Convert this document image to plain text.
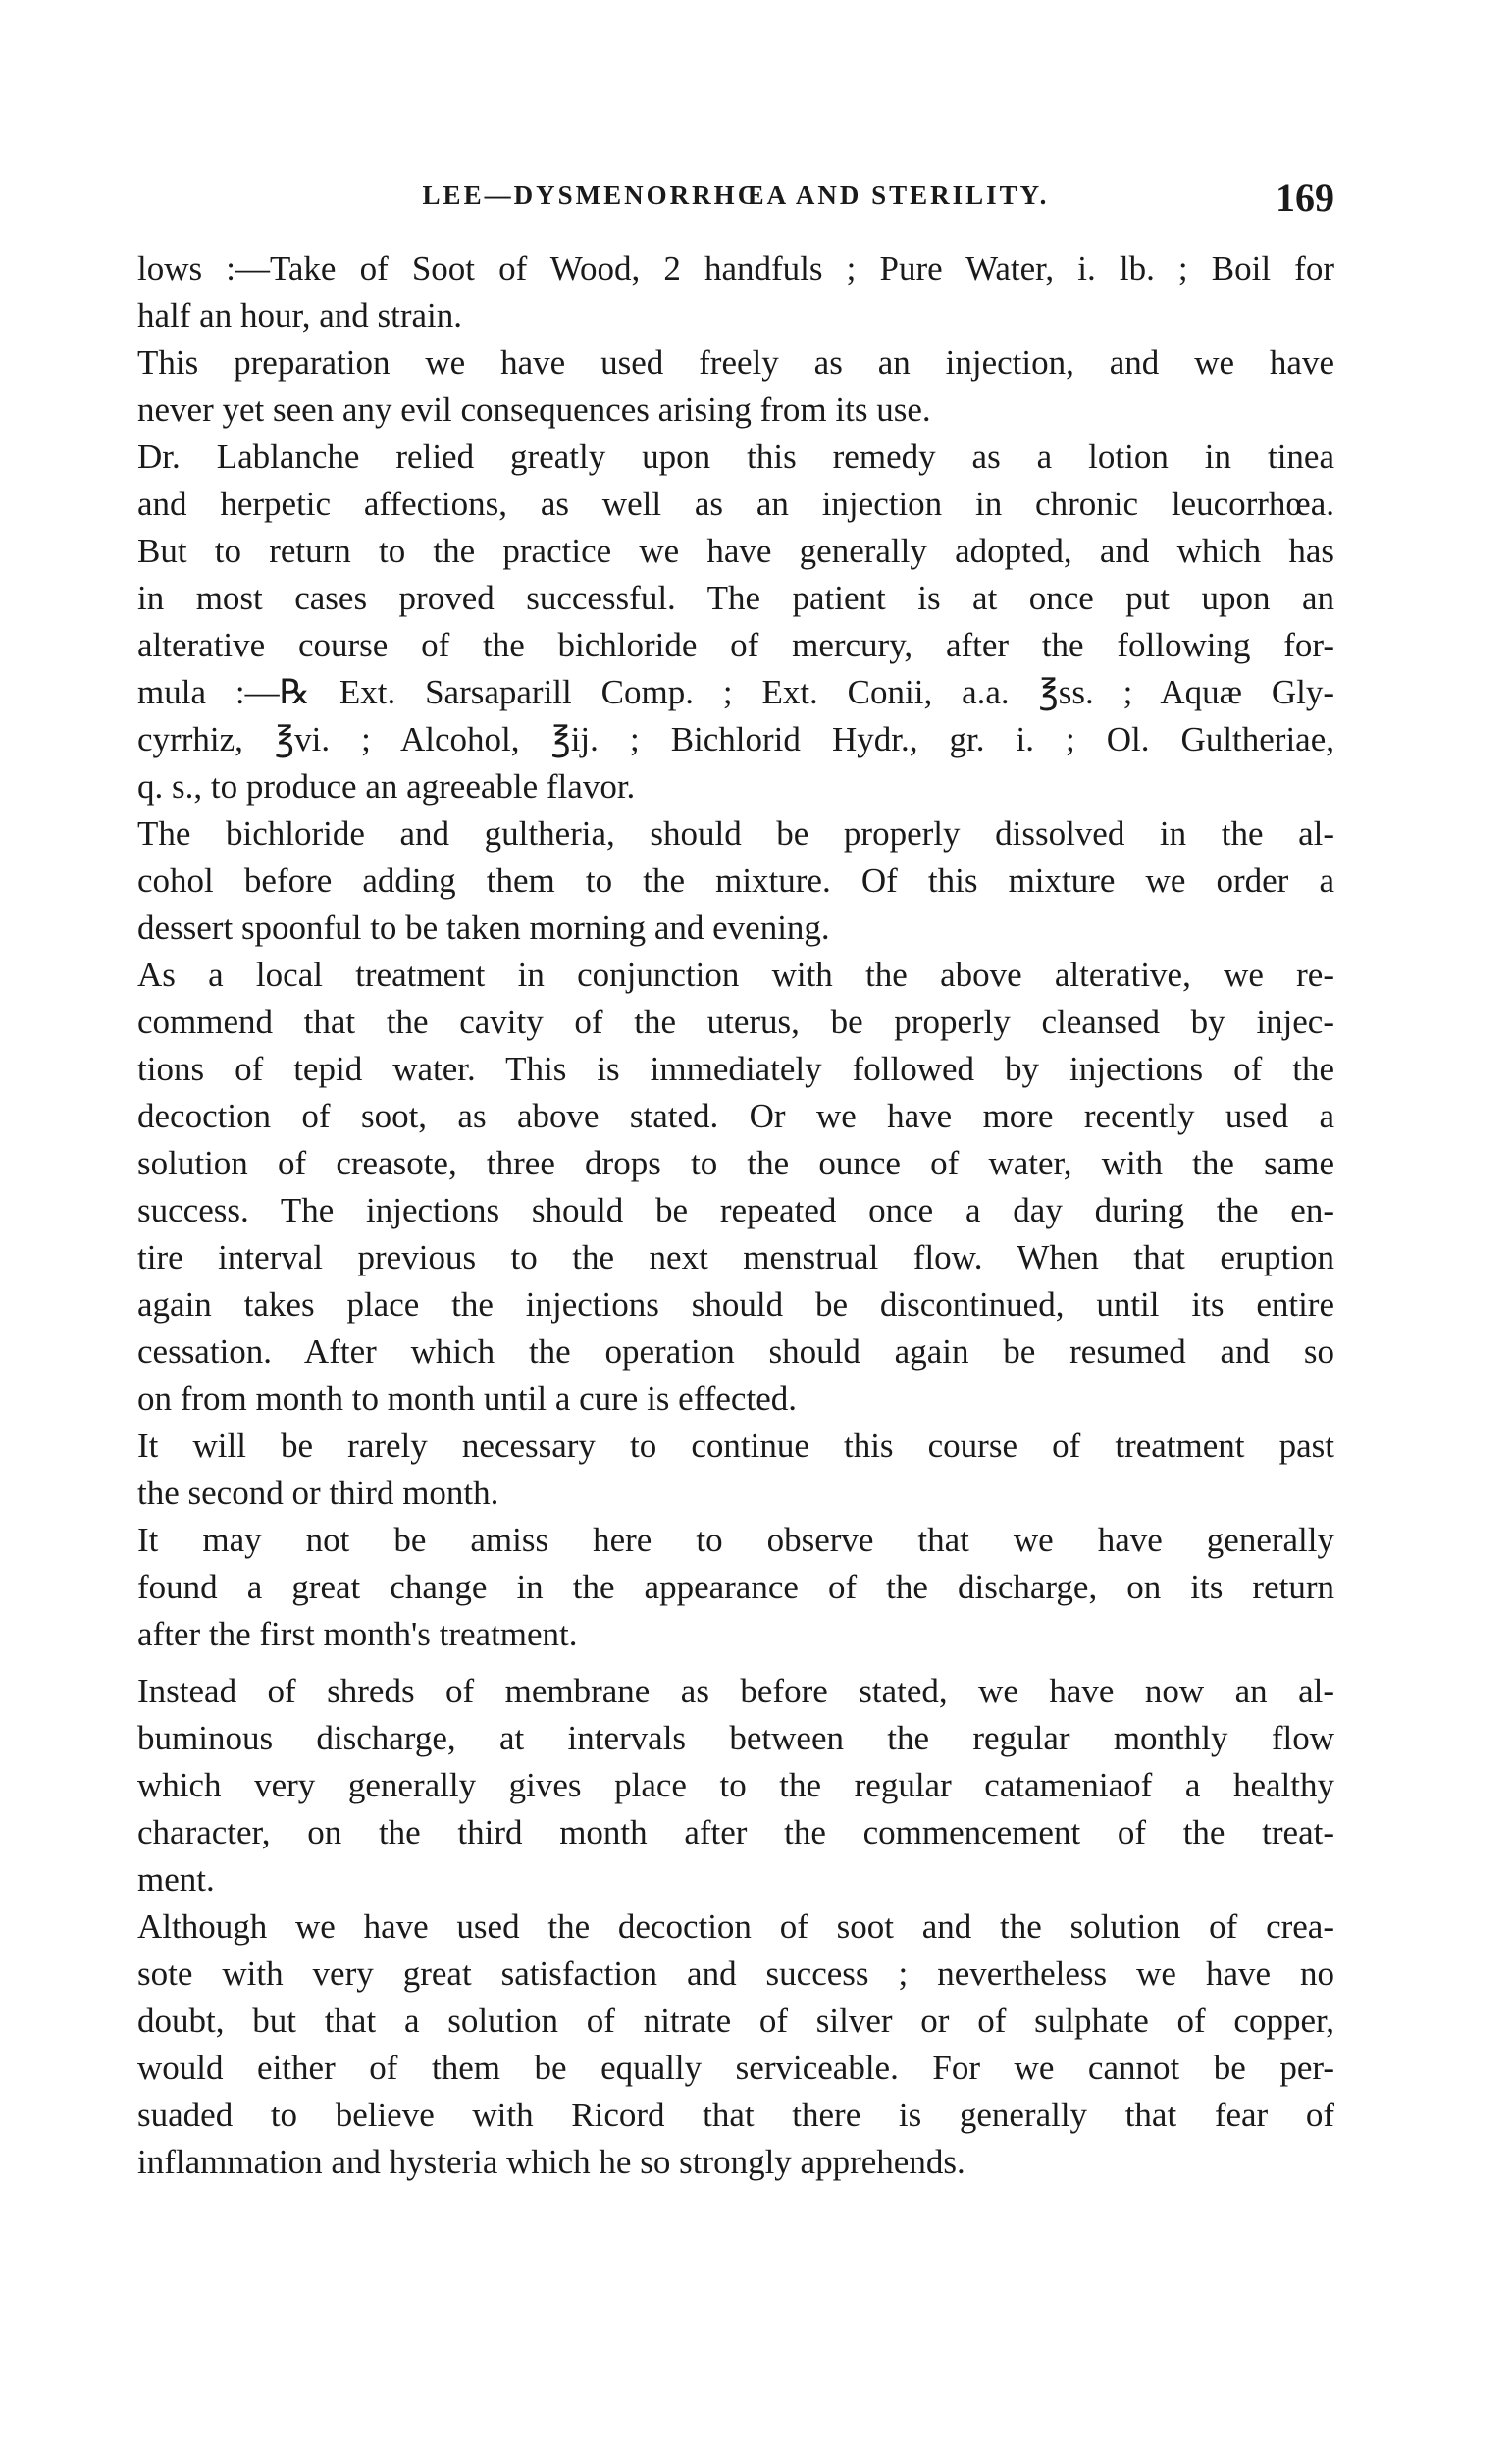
LEE—DYSMENORRHŒA AND STERILITY.	169
lows :—Take of Soot of Wood, 2 handfuls ; Pure Water, i. lb. ; Boil for
half an hour, and strain.
This preparation we have used freely as an injection, and we have
never yet seen any evil consequences arising from its use.
Dr. Lablanche relied greatly upon this remedy as a lotion in tinea
and herpetic affections, as well as an injection in chronic leucorrhœa.
But to return to the practice we have generally adopted, and which has
in most cases proved successful. The patient is at once put upon an
alterative course of the bichloride of mercury, after the following for-
mula :—℞ Ext. Sarsaparill Comp. ; Ext. Conii, a.a. ℥ss. ; Aquæ Gly-
cyrrhiz, ℥vi. ; Alcohol, ℥ij. ; Bichlorid Hydr., gr. i. ; Ol. Gultheriae,
q. s., to produce an agreeable flavor.
The bichloride and gultheria, should be properly dissolved in the al-
cohol before adding them to the mixture. Of this mixture we order a
dessert spoonful to be taken morning and evening.
As a local treatment in conjunction with the above alterative, we re-
commend that the cavity of the uterus, be properly cleansed by injec-
tions of tepid water. This is immediately followed by injections of the
decoction of soot, as above stated. Or we have more recently used a
solution of creasote, three drops to the ounce of water, with the same
success. The injections should be repeated once a day during the en-
tire interval previous to the next menstrual flow. When that eruption
again takes place the injections should be discontinued, until its entire
cessation. After which the operation should again be resumed and so
on from month to month until a cure is effected.
It will be rarely necessary to continue this course of treatment past
the second or third month.
It may not be amiss here to observe that we have generally
found a great change in the appearance of the discharge, on its return
after the first month's treatment.
Instead of shreds of membrane as before stated, we have now an al-
buminous discharge, at intervals between the regular monthly flow
which very generally gives place to the regular catameniaof a healthy
character, on the third month after the commencement of the treat-
ment.
Although we have used the decoction of soot and the solution of crea-
sote with very great satisfaction and success ; nevertheless we have no
doubt, but that a solution of nitrate of silver or of sulphate of copper,
would either of them be equally serviceable. For we cannot be per-
suaded to believe with Ricord that there is generally that fear of
inflammation and hysteria which he so strongly apprehends.
